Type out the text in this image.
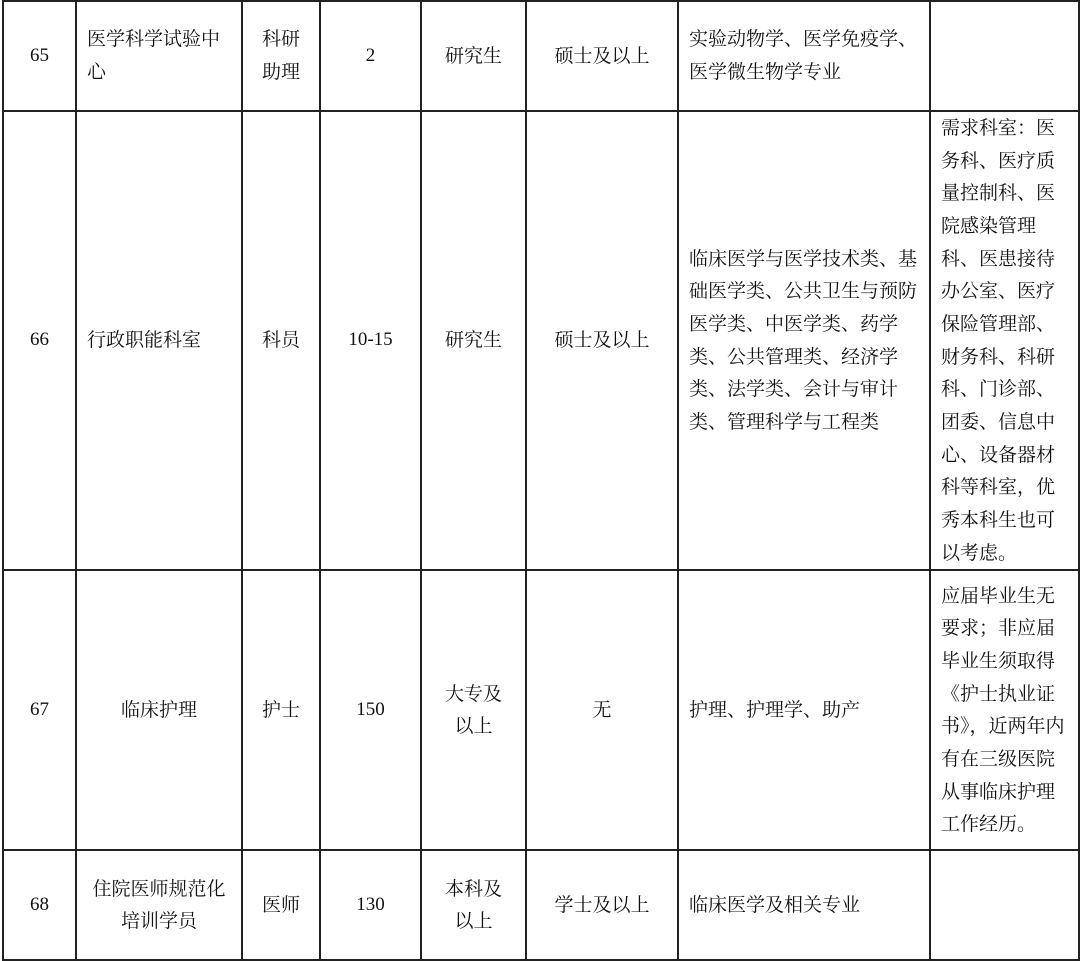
65	医学科学试验中心	科研助理	2	研究生	硕士及以上	实验动物学、医学免疫学、医学微生物学专业	
66	行政职能科室	科员	10-15	研究生	硕士及以上	临床医学与医学技术类、基础医学类、公共卫生与预防医学类、中医学类、药学类、公共管理类、经济学类、法学类、会计与审计类、管理科学与工程类	需求科室：医务科、医疗质量控制科、医院感染管理科、医患接待办公室、医疗保险管理部、财务科、科研科、门诊部、团委、信息中心、设备器材科等科室，优秀本科生也可以考虑。
67	临床护理	护士	150	大专及以上	无	护理、护理学、助产	应届毕业生无要求；非应届毕业生须取得《护士执业证书》，近两年内有在三级医院从事临床护理工作经历。
68	住院医师规范化培训学员	医师	130	本科及以上	学士及以上	临床医学及相关专业	
